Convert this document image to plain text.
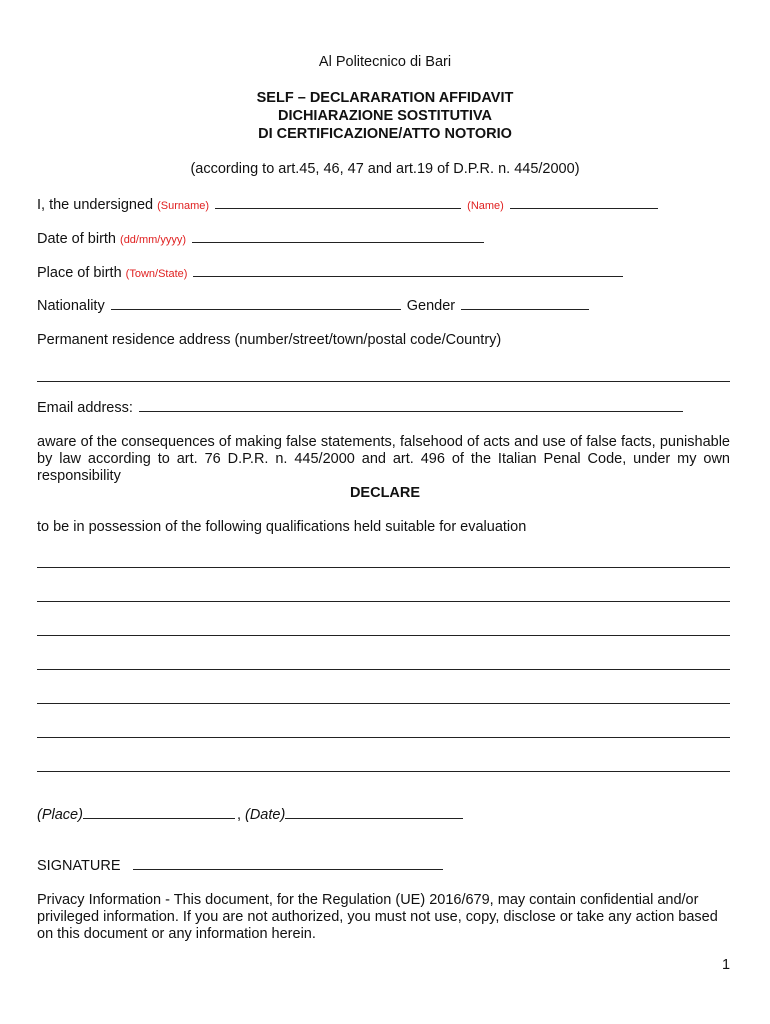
Al Politecnico di Bari
SELF – DECLARARATION AFFIDAVIT
DICHIARAZIONE SOSTITUTIVA
DI CERTIFICAZIONE/ATTO NOTORIO
(according to art.45, 46, 47 and art.19 of D.P.R. n. 445/2000)
I, the undersigned (Surname)	(Name)
Date of birth (dd/mm/yyyy)
Place of birth (Town/State)
Nationality	Gender
Permanent residence address (number/street/town/postal code/Country)
Email address:
aware of the consequences of making false statements, falsehood of acts and use of false facts, punishable by law according to art. 76 D.P.R. n. 445/2000 and art. 496 of the Italian Penal Code, under my own responsibility
DECLARE
to be in possession of the following qualifications held suitable for evaluation
(Place)	, (Date)
SIGNATURE
Privacy Information - This document, for the Regulation (UE) 2016/679, may contain confidential and/or privileged information. If you are not authorized, you must not use, copy, disclose or take any action based on this document or any information herein.
1
